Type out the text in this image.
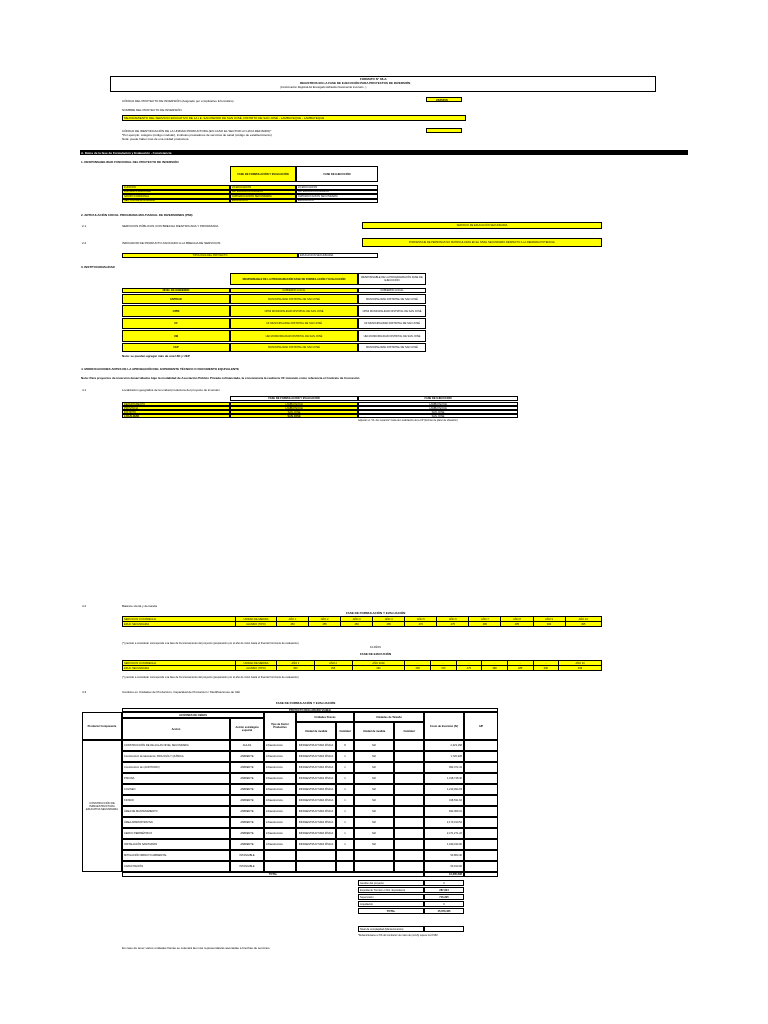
FORMATO N° 08-A:
REGISTROS EN LA FASE DE EJECUCIÓN PARA PROYECTOS DE INVERSIÓN
(Conformación Registral del Encargado Hidraúlico Nacional de Inversión...)
CÓDIGO DEL PROYECTO DE INVERSIÓN (Asignado por el Aplicativo Informático)	2485358
NOMBRE DEL PROYECTO DE INVERSIÓN
MEJORAMIENTO DEL SERVICIO EDUCATIVO DE LA I.E. SAN PEDRO DE SAN JOSÉ, DISTRITO DE SAN JOSÉ - LAMBAYEQUE - LAMBAYEQUE
CÓDIGO DE IDENTIFICACIÓN DE LA UNIDAD PRODUCTORA (EN CASO EL SECTOR LO HAYA DEFINIDO)*
*Por ejemplo: colegios (código modular), institutos prestadores de servicios de salud (código de establecimiento)
Nota: puede haber más de una unidad productora
A. Datos de la fase de Formulación y Evaluación - Consistencia
1. RESPONSABILIDAD FUNCIONAL DEL PROYECTO DE INVERSIÓN
FASE DE FORMULACIÓN Y EVALUACIÓN	FASE DE EJECUCIÓN
FUNCIÓN	22 EDUCACIÓN	22 EDUCACIÓN
DIVISIÓN FUNCIONAL	047 EDUCACIÓN BÁSICA	047 EDUCACIÓN BÁSICA
GRUPO FUNCIONAL	0105 EDUCACIÓN SECUNDARIA	0105 EDUCACIÓN SECUNDARIA
SECTOR RESPONSABLE	EDUCACIÓN	EDUCACIÓN
2. ARTICULACIÓN CON EL PROGRAMA MULTIANUAL DE INVERSIONES (PMI)
2.1	SERVICIOS PÚBLICOS CON BRECHA IDENTIFICADA Y PRIORIZADA	SERVICIO DE EDUCACIÓN SECUNDARIA
2.2	INDICADOR DE PRODUCTO ASOCIADO A LA BRECHA DE SERVICIOS	PORCENTAJE DE PERSONAS NO MATRICULADAS EN EL NIVEL SECUNDARIO RESPECTO A LA DEMANDA POTENCIAL
TIPOLOGÍA DEL PROYECTO	EDUCACIÓN SECUNDARIA
3. INSTITUCIONALIDAD
RESPONSABLE DE LA PROGRAMACIÓN FASE DE FORMULACIÓN Y EVALUACIÓN	RESPONSABLE DE LA PROGRAMACIÓN FASE DE EJECUCIÓN
NIVEL DE GOBIERNO	GOBIERNO LOCAL	GOBIERNO LOCAL
ENTIDAD	MUNICIPALIDAD DISTRITAL DE SAN JOSÉ	MUNICIPALIDAD DISTRITAL DE SAN JOSÉ
OPMI	OPMI MUNICIPALIDAD DISTRITAL DE SAN JOSÉ	OPMI MUNICIPALIDAD DISTRITAL DE SAN JOSÉ
UF	UF MUNICIPALIDAD DISTRITAL DE SAN JOSÉ	UF MUNICIPALIDAD DISTRITAL DE SAN JOSÉ
UEI	UEI MUNICIPALIDAD DISTRITAL DE SAN JOSÉ	UEI MUNICIPALIDAD DISTRITAL DE SAN JOSÉ
UEP	MUNICIPALIDAD DISTRITAL DE SAN JOSÉ	MUNICIPALIDAD DISTRITAL DE SAN JOSÉ
Nota: se pueden agregar más de una UEI y UEP
4. MODIFICACIONES ANTES DE LA APROBACIÓN DEL EXPEDIENTE TÉCNICO O DOCUMENTO EQUIVALENTE
Nota: Para proyectos de inversión desarrollados bajo la modalidad de Asociación Público Privada cofinanciada, la consistencia la realiza la UF tomando como referencia el Contrato de Concesión
4.1	Localización geográfica de la unidad productora del proyecto de inversión
FASE DE FORMULACIÓN Y EVALUACIÓN	FASE DE EJECUCIÓN
DEPARTAMENTO	LAMBAYEQUE	LAMBAYEQUE
PROVINCIA	LAMBAYEQUE	LAMBAYEQUE
DISTRITO	SAN JOSÉ	SAN JOSÉ
LOCALIDAD	SAN JOSÉ	SAN JOSÉ
Adjuntar en "Ot. doc sustento" Carta de Localización de la UP (Archivo de plano de ubicación)
4.2	Balance oferta y demanda
FASE DE FORMULACIÓN Y EVALUACIÓN
SERVICIOS CON BRECHA	UNIDAD DE MEDIDA	AÑO 1	AÑO 2	AÑO 3	AÑO 4	AÑO 5	AÑO 6	AÑO 7	AÑO 8	AÑO 9	AÑO 10
EDUC SECUNDARIA	ALUMNO (TIPO)	450	455	460	465	470	475	480	485	490	495
(*) periodo a considerar corresponde a la fase de Funcionamiento del proyecto (preparación por el año de inicio hasta el final del horizonte de evaluación)
10 AÑOS
FASE DE EJECUCIÓN
SERVICIOS CON BRECHA	UNIDAD DE MEDIDA	AÑO 1	AÑO 2	AÑO 2019	...	...	...	...	...	...	AÑO 10
EDUC SECUNDARIA	ALUMNO (TIPO)	450	455	460	465	470	475	480	485	490	495
(*) periodo a considerar corresponde a la fase de Funcionamiento del proyecto (preparación por el año de inicio hasta el final del horizonte de evaluación)
4.3	Cambios en Unidades de Producción, Capacidad de Producción / Modificaciones de UEI
FASE DE FORMULACIÓN Y EVALUACIÓN
PROYECTO DECLARADO VIABLE
Producto/ Componente
ACCIONES DE OBRAS
Acción	Acción estratégica especial
Tipo de Factor Productivo
Unidades Físicas
Unidad de medida	Cantidad
Unidades de Tamaño
Unidad de medida	Cantidad
Costo de Inversión (S/)	A/P
CONSTRUCCIÓN DE INFRAESTRUCTURA EDUCATIVA SECUNDARIA
CONSTRUCCIÓN DE DE AULAS NIVEL SECUNDARIA	AULAS	infraestructura	INFRAESTRUCTURA FÍSICA	8	M2	2,423,168
Construcción de laboratorio, BIOLOGÍA Y QUÍMICA	AMBIENTE	infraestructura	INFRAESTRUCTURA FÍSICA	1	M2	1,720,328
Construcción de (AUDITORIO)	AMBIENTE	infraestructura	INFRAESTRUCTURA FÍSICA	1	M2	993,072.43
PISCINA	AMBIENTE	infraestructura	INFRAESTRUCTURA FÍSICA	1	M2	1,318,748.40
COLISEO	AMBIENTE	infraestructura	INFRAESTRUCTURA FÍSICA	1	M2	1,213,094.03
KIOSKO	AMBIENTE	infraestructura	INFRAESTRUCTURA FÍSICA	1	M2	318,531.62
ÁREA DE MANTENIMIENTO	AMBIENTE	infraestructura	INFRAESTRUCTURA FÍSICA	1	M2	692,069.31
ÁREA ADMINISTRATIVA	AMBIENTE	infraestructura	INFRAESTRUCTURA FÍSICA	1	M2	2,170,310.54
CERCO PERIMÉTRICO	AMBIENTE	infraestructura	INFRAESTRUCTURA FÍSICA	1	M2	2,471,271.22
INSTALACIÓN SANITARIAS	AMBIENTE	infraestructura	INFRAESTRUCTURA FÍSICA	1	M2	1,040,434.90
MITIGACIÓN IMPACTO AMBIENTAL	INTANGIBLE	53,863.40
CAPACITACIÓN	INTANGIBLE	53,910.00
TOTAL	16,365,298
Gestión del proyecto	0
Expediente Técnico o Doc. Equivalente	287,904
Supervisión	716,305
Liquidación	0
TOTAL	15,373,405
Nivel de complejidad (Mantenimiento)
*Deberá llenarse el 3% del contractor de mano de (nomb) supere los 8 MM
En caso de tener varios unidades físicas se colocará las más representativas asociadas a brechas de servicios
